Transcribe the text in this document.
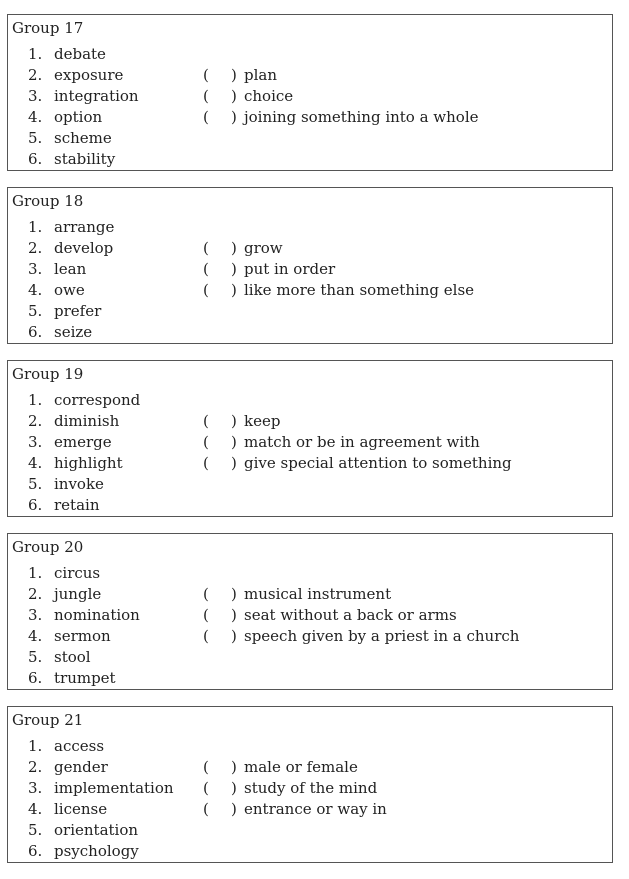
Group 17
1. debate
2. exposure	( ) plan
3. integration	( ) choice
4. option	( ) joining something into a whole
5. scheme
6. stability
Group 18
1. arrange
2. develop	( ) grow
3. lean	( ) put in order
4. owe	( ) like more than something else
5. prefer
6. seize
Group 19
1. correspond
2. diminish	( ) keep
3. emerge	( ) match or be in agreement with
4. highlight	( ) give special attention to something
5. invoke
6. retain
Group 20
1. circus
2. jungle	( ) musical instrument
3. nomination	( ) seat without a back or arms
4. sermon	( ) speech given by a priest in a church
5. stool
6. trumpet
Group 21
1. access
2. gender	( ) male or female
3. implementation ( ) study of the mind
4. license	( ) entrance or way in
5. orientation
6. psychology
